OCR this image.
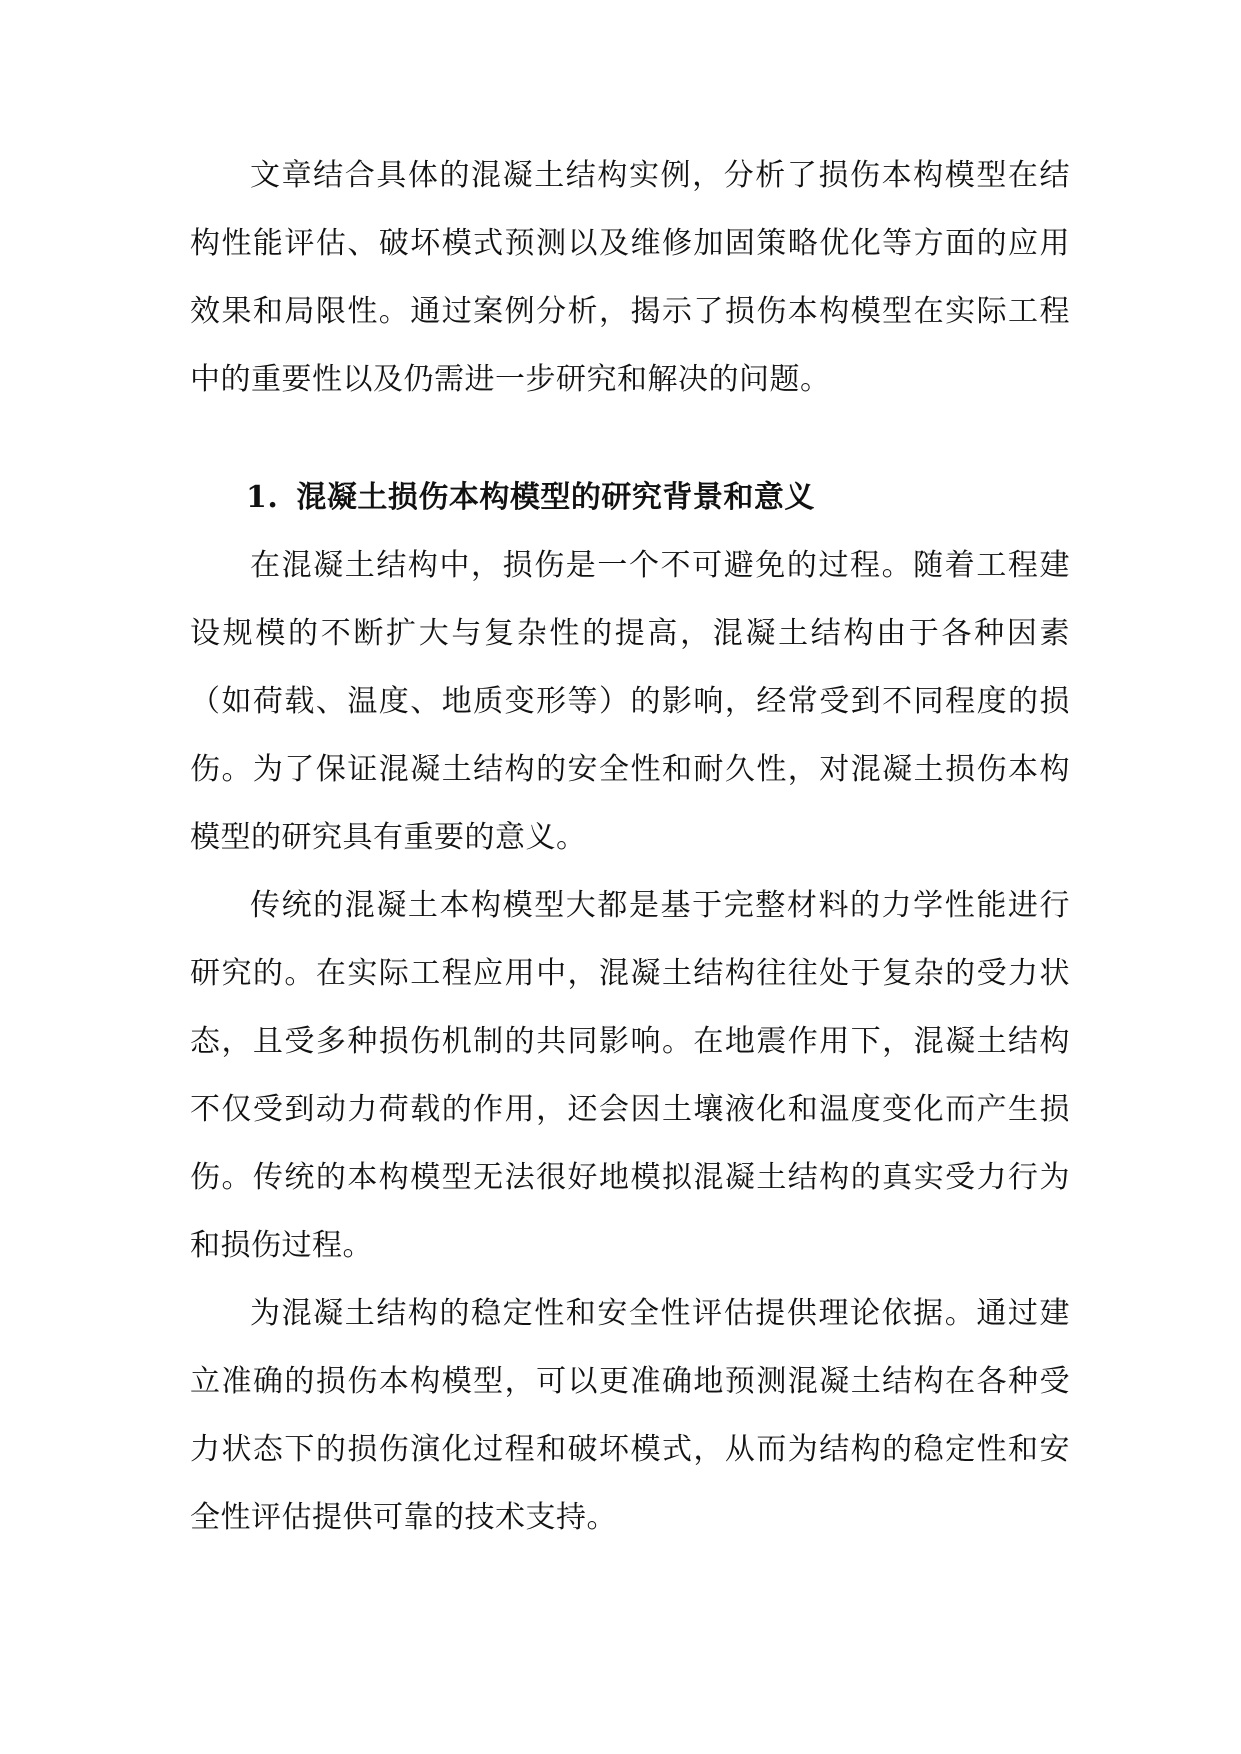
文章结合具体的混凝土结构实例，分析了损伤本构模型在结构性能评估、破坏模式预测以及维修加固策略优化等方面的应用效果和局限性。通过案例分析，揭示了损伤本构模型在实际工程中的重要性以及仍需进一步研究和解决的问题。

1. 混凝土损伤本构模型的研究背景和意义

在混凝土结构中，损伤是一个不可避免的过程。随着工程建设规模的不断扩大与复杂性的提高，混凝土结构由于各种因素（如荷载、温度、地质变形等）的影响，经常受到不同程度的损伤。为了保证混凝土结构的安全性和耐久性，对混凝土损伤本构模型的研究具有重要的意义。

传统的混凝土本构模型大都是基于完整材料的力学性能进行研究的。在实际工程应用中，混凝土结构往往处于复杂的受力状态，且受多种损伤机制的共同影响。在地震作用下，混凝土结构不仅受到动力荷载的作用，还会因土壤液化和温度变化而产生损伤。传统的本构模型无法很好地模拟混凝土结构的真实受力行为和损伤过程。

为混凝土结构的稳定性和安全性评估提供理论依据。通过建立准确的损伤本构模型，可以更准确地预测混凝土结构在各种受力状态下的损伤演化过程和破坏模式，从而为结构的稳定性和安全性评估提供可靠的技术支持。
